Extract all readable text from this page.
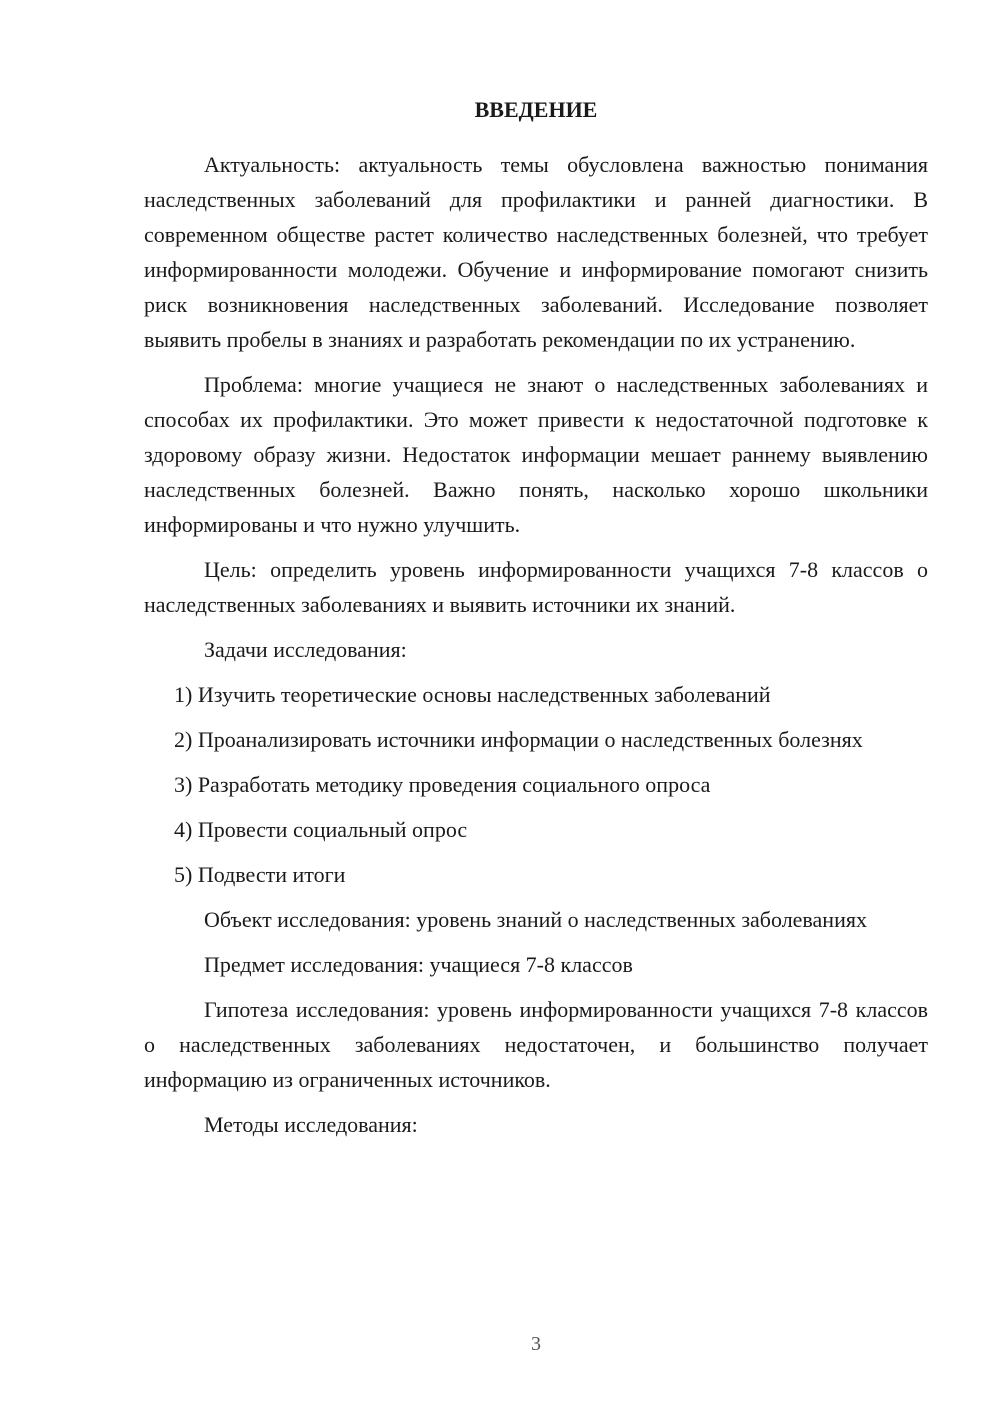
ВВЕДЕНИЕ
Актуальность: актуальность темы обусловлена важностью понимания наследственных заболеваний для профилактики и ранней диагностики. В современном обществе растет количество наследственных болезней, что требует информированности молодежи. Обучение и информирование помогают снизить риск возникновения наследственных заболеваний. Исследование позволяет выявить пробелы в знаниях и разработать рекомендации по их устранению.
Проблема: многие учащиеся не знают о наследственных заболеваниях и способах их профилактики. Это может привести к недостаточной подготовке к здоровому образу жизни. Недостаток информации мешает раннему выявлению наследственных болезней. Важно понять, насколько хорошо школьники информированы и что нужно улучшить.
Цель: определить уровень информированности учащихся 7-8 классов о наследственных заболеваниях и выявить источники их знаний.
Задачи исследования:
1) Изучить теоретические основы наследственных заболеваний
2) Проанализировать источники информации о наследственных болезнях
3) Разработать методику проведения социального опроса
4) Провести социальный опрос
5) Подвести итоги
Объект исследования: уровень знаний о наследственных заболеваниях
Предмет исследования: учащиеся 7-8 классов
Гипотеза исследования: уровень информированности учащихся 7-8 классов о наследственных заболеваниях недостаточен, и большинство получает информацию из ограниченных источников.
Методы исследования:
3
